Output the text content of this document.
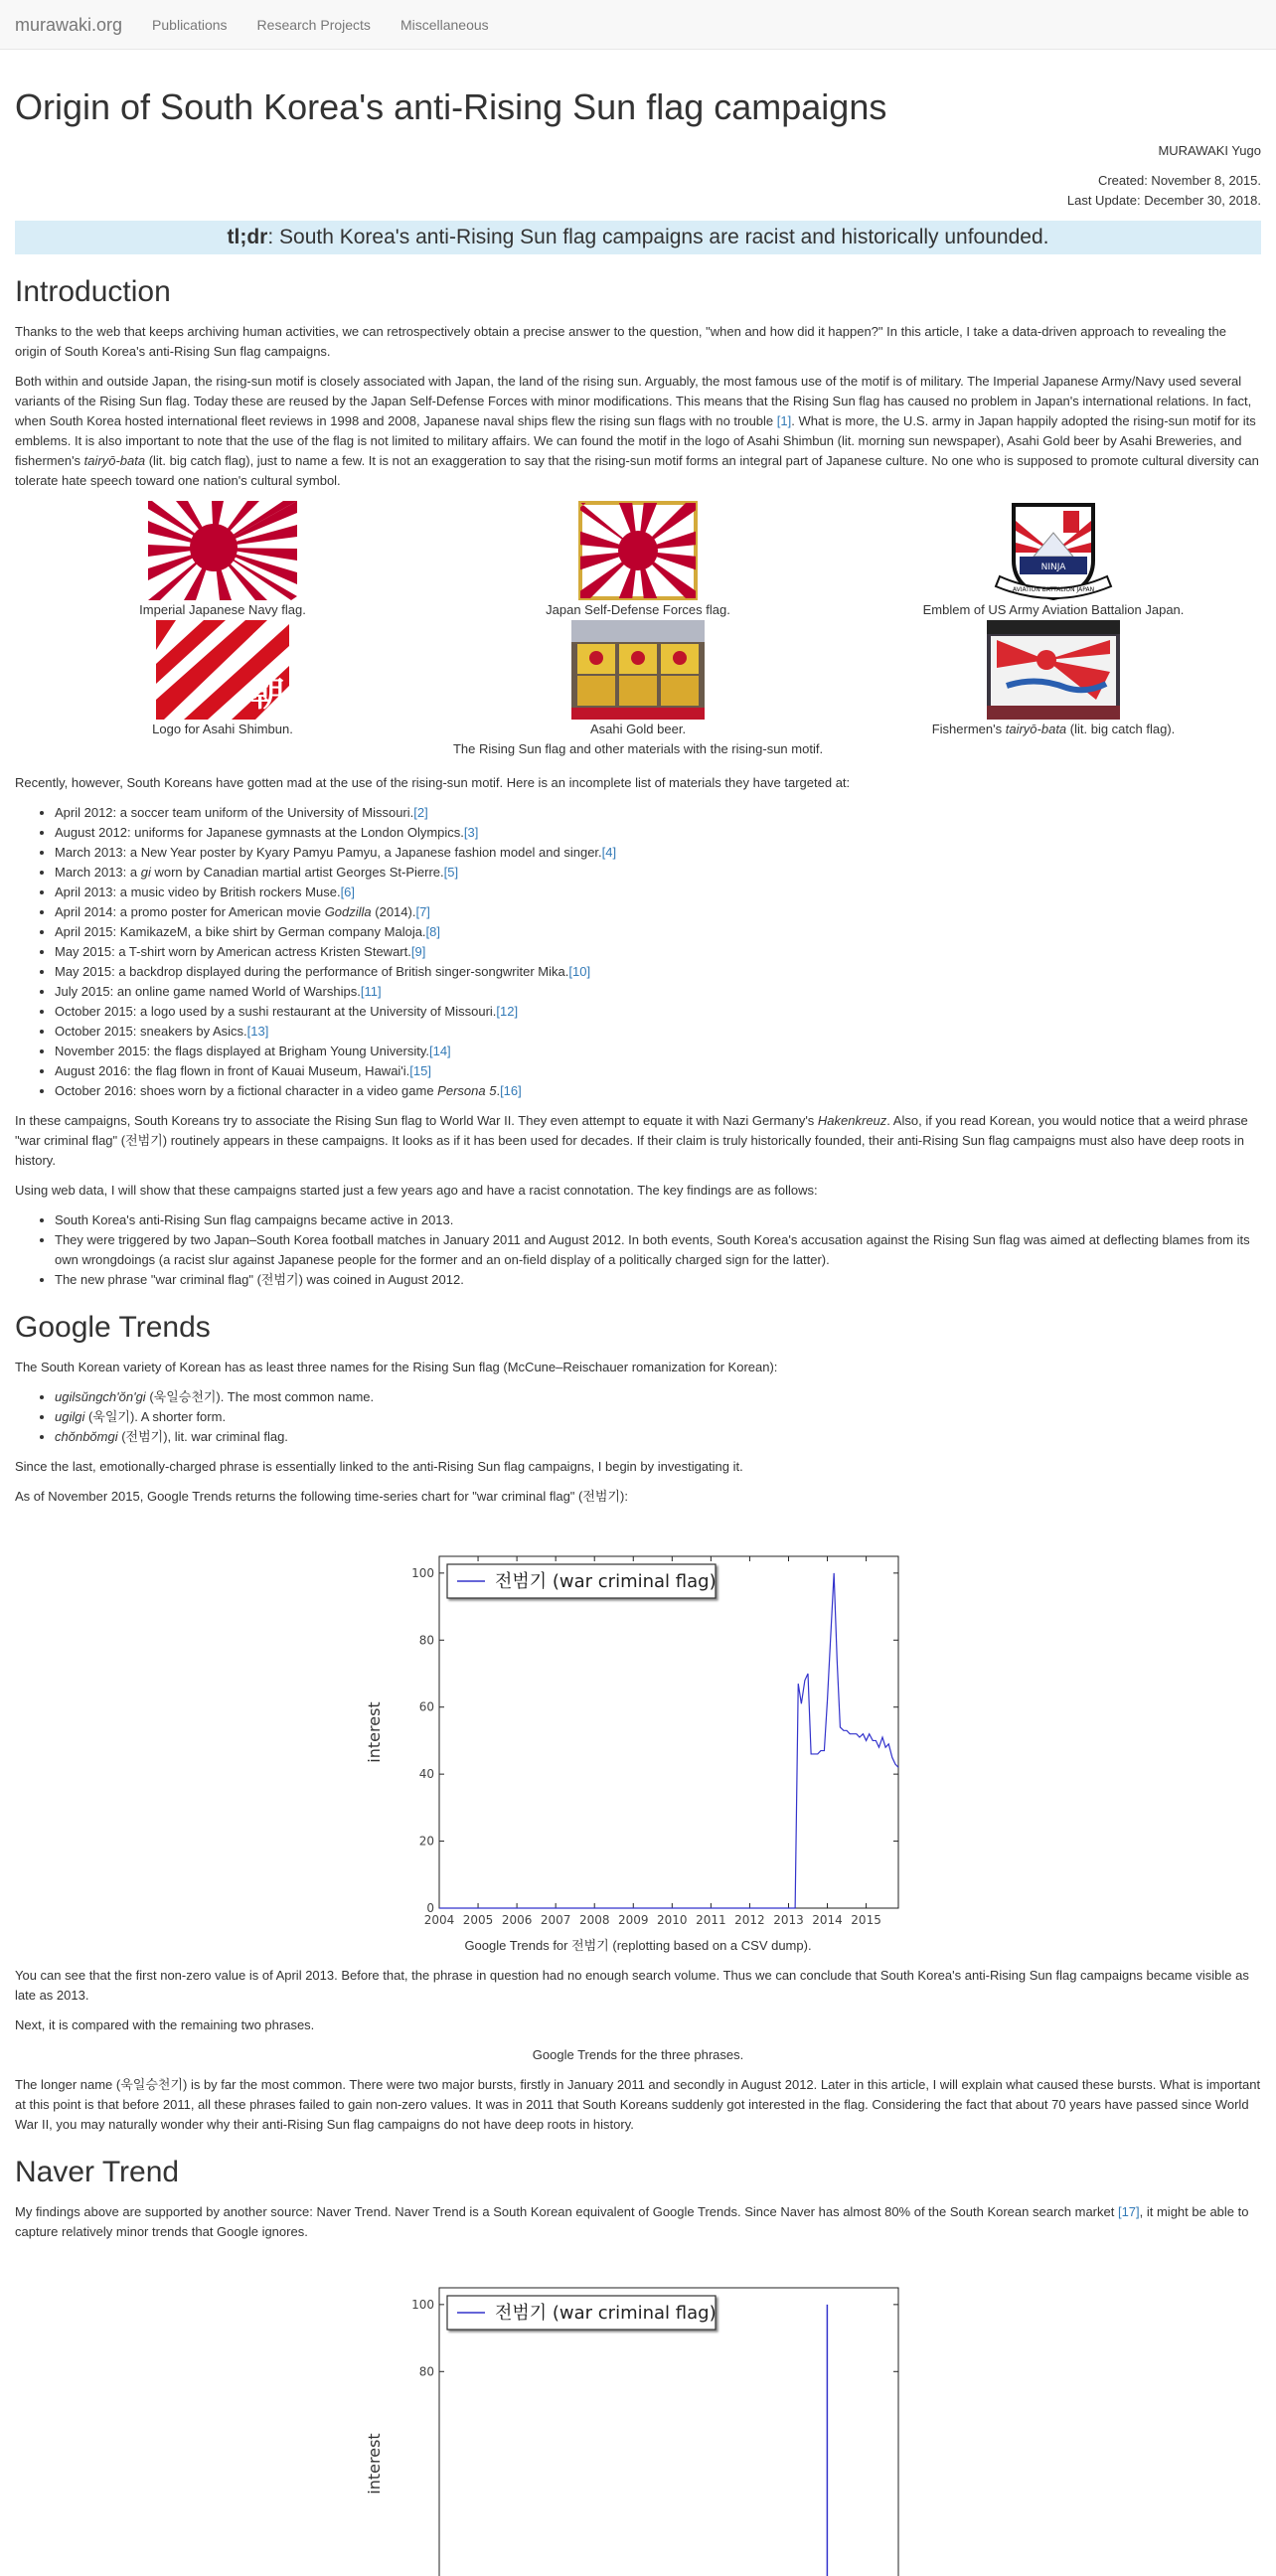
murawaki.org	Publications	Research Projects	Miscellaneous
Origin of South Korea's anti-Rising Sun flag campaigns

MURAWAKI Yugo

Created: November 8, 2015.

Last Update: December 30, 2018.

tl;dr: South Korea's anti-Rising Sun flag campaigns are racist and historically unfounded.
Introduction

Thanks to the web that keeps archiving human activities, we can retrospectively obtain a precise answer to the question, "when and how did it happen?" In this article, I take a data-driven approach to revealing the origin of South Korea's anti-Rising Sun flag campaigns.

Both within and outside Japan, the rising-sun motif is closely associated with Japan, the land of the rising sun. Arguably, the most famous use of the motif is of military. The Imperial Japanese Army/Navy used several variants of the Rising Sun flag. Today these are reused by the Japan Self-Defense Forces with minor modifications. This means that the Rising Sun flag has caused no problem in Japan's international relations. In fact, when South Korea hosted international fleet reviews in 1998 and 2008, Japanese naval ships flew the rising sun flags with no trouble [1]. What is more, the U.S. army in Japan happily adopted the rising-sun motif for its emblems. It is also important to note that the use of the flag is not limited to military affairs. We can found the motif in the logo of Asahi Shimbun (lit. morning sun newspaper), Asahi Gold beer by Asahi Breweries, and fishermen's tairyō-bata (lit. big catch flag), just to name a few. It is not an exaggeration to say that the rising-sun motif forms an integral part of Japanese culture. No one who is supposed to promote cultural diversity can tolerate hate speech toward one nation's cultural symbol.

Imperial Japanese Navy flag.	Japan Self-Defense Forces flag.
NINJA
AVIATION BATTALION JAPAN
Emblem of US Army Aviation Battalion Japan.
朝
Logo for Asahi Shimbun.	Asahi Gold beer.	Fishermen's tairyō-bata (lit. big catch flag).
The Rising Sun flag and other materials with the rising-sun motif.

Recently, however, South Koreans have gotten mad at the use of the rising-sun motif. Here is an incomplete list of materials they have targeted at:

• April 2012: a soccer team uniform of the University of Missouri.[2]
• August 2012: uniforms for Japanese gymnasts at the London Olympics.[3]
• March 2013: a New Year poster by Kyary Pamyu Pamyu, a Japanese fashion model and singer.[4]
• March 2013: a gi worn by Canadian martial artist Georges St-Pierre.[5]
• April 2013: a music video by British rockers Muse.[6]
• April 2014: a promo poster for American movie Godzilla (2014).[7]
• April 2015: KamikazeM, a bike shirt by German company Maloja.[8]
• May 2015: a T-shirt worn by American actress Kristen Stewart.[9]
• May 2015: a backdrop displayed during the performance of British singer-songwriter Mika.[10]
• July 2015: an online game named World of Warships.[11]
• October 2015: a logo used by a sushi restaurant at the University of Missouri.[12]
• October 2015: sneakers by Asics.[13]
• November 2015: the flags displayed at Brigham Young University.[14]
• August 2016: the flag flown in front of Kauai Museum, Hawai'i.[15]
• October 2016: shoes worn by a fictional character in a video game Persona 5.[16]

In these campaigns, South Koreans try to associate the Rising Sun flag to World War II. They even attempt to equate it with Nazi Germany's Hakenkreuz. Also, if you read Korean, you would notice that a weird phrase "war criminal flag" (전범기) routinely appears in these campaigns. It looks as if it has been used for decades. If their claim is truly historically founded, their anti-Rising Sun flag campaigns must also have deep roots in history.

Using web data, I will show that these campaigns started just a few years ago and have a racist connotation. The key findings are as follows:

• South Korea's anti-Rising Sun flag campaigns became active in 2013.
• They were triggered by two Japan–South Korea football matches in January 2011 and August 2012. In both events, South Korea's accusation against the Rising Sun flag was aimed at deflecting blames from its own wrongdoings (a racist slur against Japanese people for the former and an on-field display of a politically charged sign for the latter).
• The new phrase "war criminal flag" (전범기) was coined in August 2012.
Google Trends

The South Korean variety of Korean has as least three names for the Rising Sun flag (McCune–Reischauer romanization for Korean):

• ugilsŭngch'ŏn'gi (욱일승천기). The most common name.
• ugilgi (욱일기). A shorter form.
• chŏnbŏmgi (전범기), lit. war criminal flag.

Since the last, emotionally-charged phrase is essentially linked to the anti-Rising Sun flag campaigns, I begin by investigating it.

As of November 2015, Google Trends returns the following time-series chart for "war criminal flag" (전범기):

0
20
40
60
80
100
2004 2005 2006 2007 2008 2009 2010 2011 2012 2013 2014 2015
interest
전범기 (war criminal flag)

Google Trends for 전범기 (replotting based on a CSV dump).

You can see that the first non-zero value is of April 2013. Before that, the phrase in question had no enough search volume. Thus we can conclude that South Korea's anti-Rising Sun flag campaigns became visible as late as 2013.

Next, it is compared with the remaining two phrases.

Google Trends for the three phrases.

The longer name (욱일승천기) is by far the most common. There were two major bursts, firstly in January 2011 and secondly in August 2012. Later in this article, I will explain what caused these bursts. What is important at this point is that before 2011, all these phrases failed to gain non-zero values. It was in 2011 that South Koreans suddenly got interested in the flag. Considering the fact that about 70 years have passed since World War II, you may naturally wonder why their anti-Rising Sun flag campaigns do not have deep roots in history.

Naver Trend

My findings above are supported by another source: Naver Trend. Naver Trend is a South Korean equivalent of Google Trends. Since Naver has almost 80% of the South Korean search market [17], it might be able to capture relatively minor trends that Google ignores.

80
100
interest
전범기 (war criminal flag)
